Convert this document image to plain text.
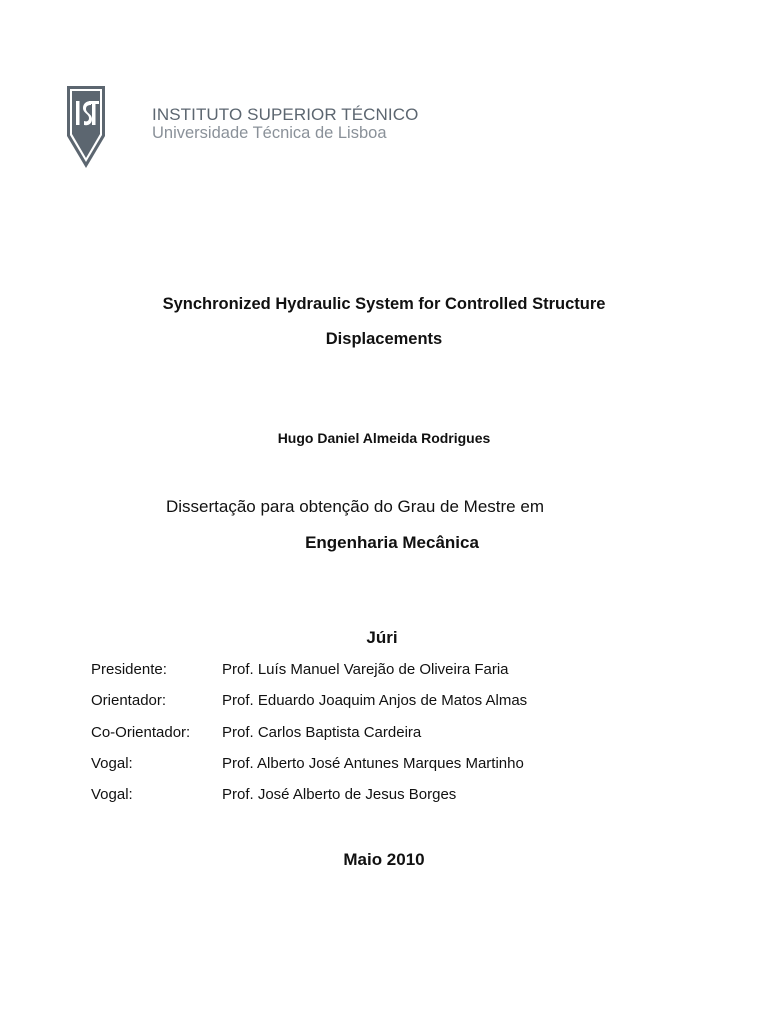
INSTITUTO SUPERIOR TÉCNICO
Universidade Técnica de Lisboa
Synchronized Hydraulic System for Controlled Structure
Displacements
Hugo Daniel Almeida Rodrigues
Dissertação para obtenção do Grau de Mestre em
Engenharia Mecânica
Júri
Presidente:	Prof. Luís Manuel Varejão de Oliveira Faria
Orientador:	Prof. Eduardo Joaquim Anjos de Matos Almas
Co-Orientador: Prof. Carlos Baptista Cardeira
Vogal:	Prof. Alberto José Antunes Marques Martinho
Vogal:	Prof. José Alberto de Jesus Borges
Maio 2010
